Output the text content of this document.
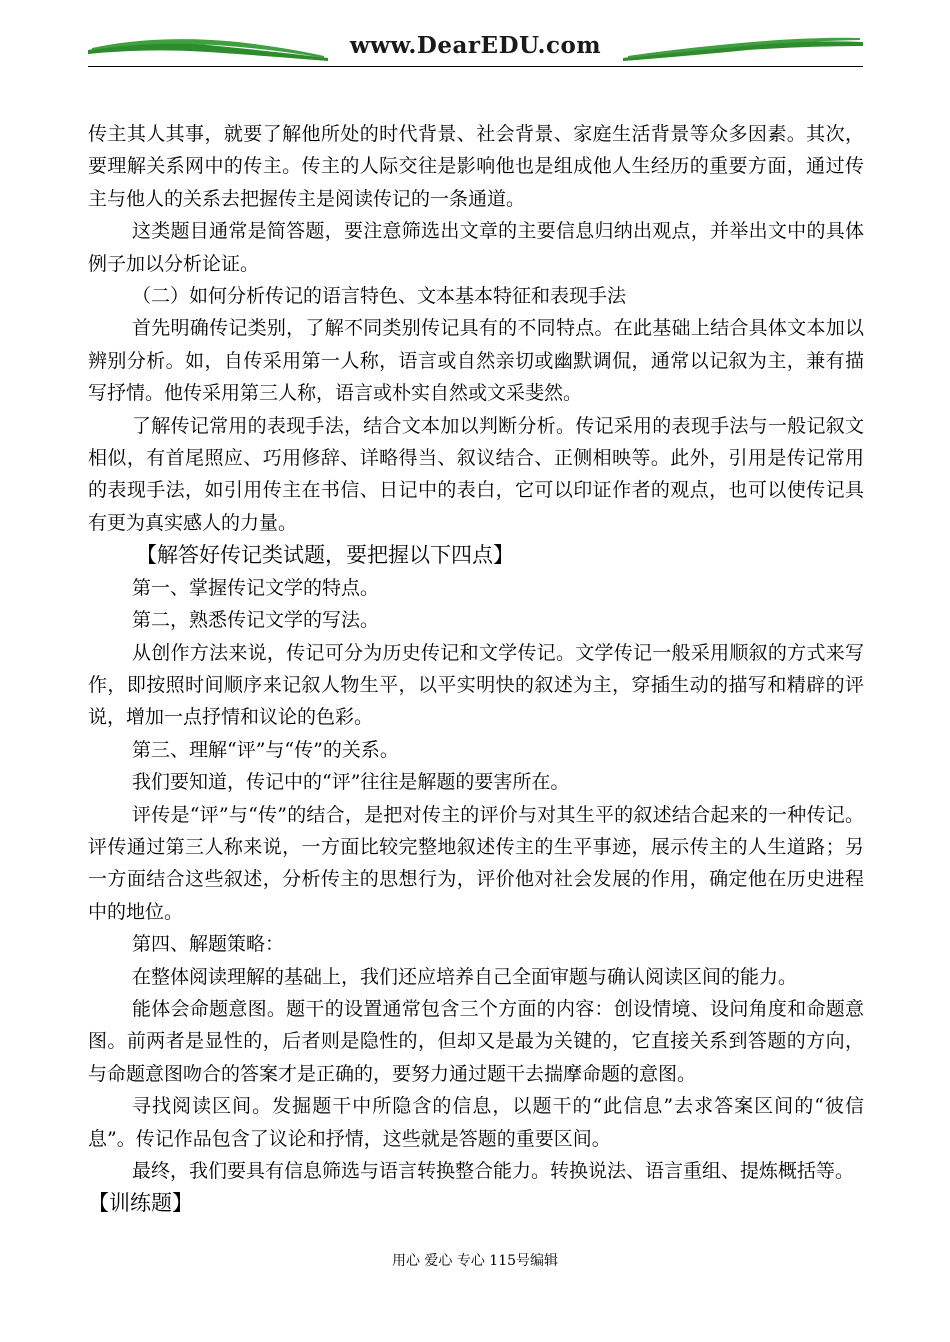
www.DearEDU.com

传主其人其事，就要了解他所处的时代背景、社会背景、家庭生活背景等众多因素。其次，要理解关系网中的传主。传主的人际交往是影响他也是组成他人生经历的重要方面，通过传主与他人的关系去把握传主是阅读传记的一条通道。

这类题目通常是简答题，要注意筛选出文章的主要信息归纳出观点，并举出文中的具体例子加以分析论证。

（二）如何分析传记的语言特色、文本基本特征和表现手法

首先明确传记类别，了解不同类别传记具有的不同特点。在此基础上结合具体文本加以辨别分析。如，自传采用第一人称，语言或自然亲切或幽默调侃，通常以记叙为主，兼有描写抒情。他传采用第三人称，语言或朴实自然或文采斐然。

了解传记常用的表现手法，结合文本加以判断分析。传记采用的表现手法与一般记叙文相似，有首尾照应、巧用修辞、详略得当、叙议结合、正侧相映等。此外，引用是传记常用的表现手法，如引用传主在书信、日记中的表白，它可以印证作者的观点，也可以使传记具有更为真实感人的力量。

【解答好传记类试题，要把握以下四点】

第一、掌握传记文学的特点。

第二，熟悉传记文学的写法。

从创作方法来说，传记可分为历史传记和文学传记。文学传记一般采用顺叙的方式来写作，即按照时间顺序来记叙人物生平，以平实明快的叙述为主，穿插生动的描写和精辟的评说，增加一点抒情和议论的色彩。

第三、理解“评”与“传”的关系。

我们要知道，传记中的“评”往往是解题的要害所在。

评传是“评”与“传”的结合，是把对传主的评价与对其生平的叙述结合起来的一种传记。评传通过第三人称来说，一方面比较完整地叙述传主的生平事迹，展示传主的人生道路；另一方面结合这些叙述，分析传主的思想行为，评价他对社会发展的作用，确定他在历史进程中的地位。

第四、解题策略：

在整体阅读理解的基础上，我们还应培养自己全面审题与确认阅读区间的能力。

能体会命题意图。题干的设置通常包含三个方面的内容：创设情境、设问角度和命题意图。前两者是显性的，后者则是隐性的，但却又是最为关键的，它直接关系到答题的方向，与命题意图吻合的答案才是正确的，要努力通过题干去揣摩命题的意图。

寻找阅读区间。发掘题干中所隐含的信息，以题干的“此信息”去求答案区间的“彼信息”。传记作品包含了议论和抒情，这些就是答题的重要区间。

最终，我们要具有信息筛选与语言转换整合能力。转换说法、语言重组、提炼概括等。

【训练题】

用心 爱心 专心 115号编辑
